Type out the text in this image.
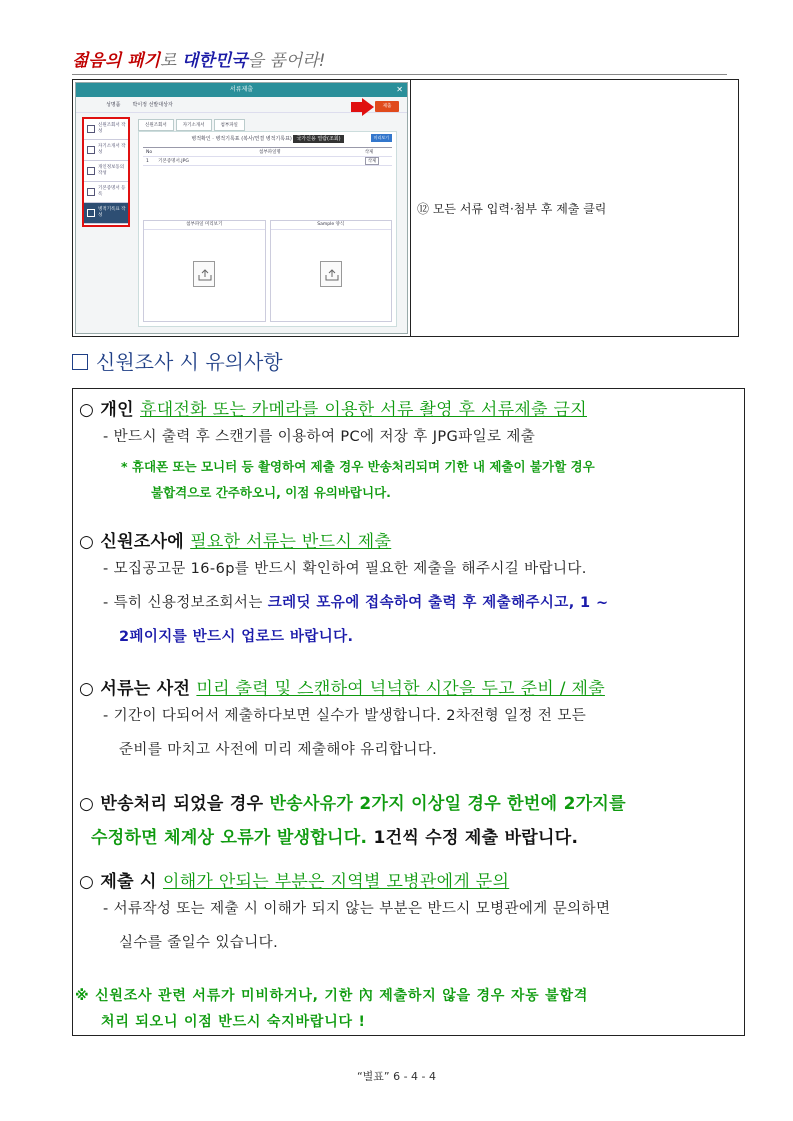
젊음의 패기로 대한민국을 품어라!
서류제출	✕
성명품 박이정 선발대상자	제출
신원조회서 작성
자기소개서 작성
개인정보동의 작성
기본증명서 등록
병적기록표 작성
신원조회서	자기소개서	첨부파일
병적확인 · 병적기록표 (복사/연결 병적기록표) 국가신용 열람(조회)	미리보기
No	첨부파일명	삭제
1	기본증명서.JPG	삭제
첨부파일 미리보기	Sample 양식
⑫ 모든 서류 입력·첨부 후 제출 클릭
신원조사 시 유의사항
○ 개인 휴대전화 또는 카메라를 이용한 서류 촬영 후 서류제출 금지
- 반드시 출력 후 스캔기를 이용하여 PC에 저장 후 JPG파일로 제출
* 휴대폰 또는 모니터 등 촬영하여 제출 경우 반송처리되며 기한 내 제출이 불가할 경우
불합격으로 간주하오니, 이점 유의바랍니다.
○ 신원조사에 필요한 서류는 반드시 제출
- 모집공고문 16-6p를 반드시 확인하여 필요한 제출을 해주시길 바랍니다.
- 특히 신용정보조회서는 크레딧 포유에 접속하여 출력 후 제출해주시고, 1 ~
2페이지를 반드시 업로드 바랍니다.
○ 서류는 사전 미리 출력 및 스캔하여 넉넉한 시간을 두고 준비 / 제출
- 기간이 다되어서 제출하다보면 실수가 발생합니다. 2차전형 일정 전 모든
준비를 마치고 사전에 미리 제출해야 유리합니다.
○ 반송처리 되었을 경우 반송사유가 2가지 이상일 경우 한번에 2가지를
수정하면 체계상 오류가 발생합니다. 1건씩 수정 제출 바랍니다.
○ 제출 시 이해가 안되는 부분은 지역별 모병관에게 문의
- 서류작성 또는 제출 시 이해가 되지 않는 부분은 반드시 모병관에게 문의하면
실수를 줄일수 있습니다.
※ 신원조사 관련 서류가 미비하거나, 기한 內 제출하지 않을 경우 자동 불합격
처리 되오니 이점 반드시 숙지바랍니다 !
“별표” 6 - 4 - 4
